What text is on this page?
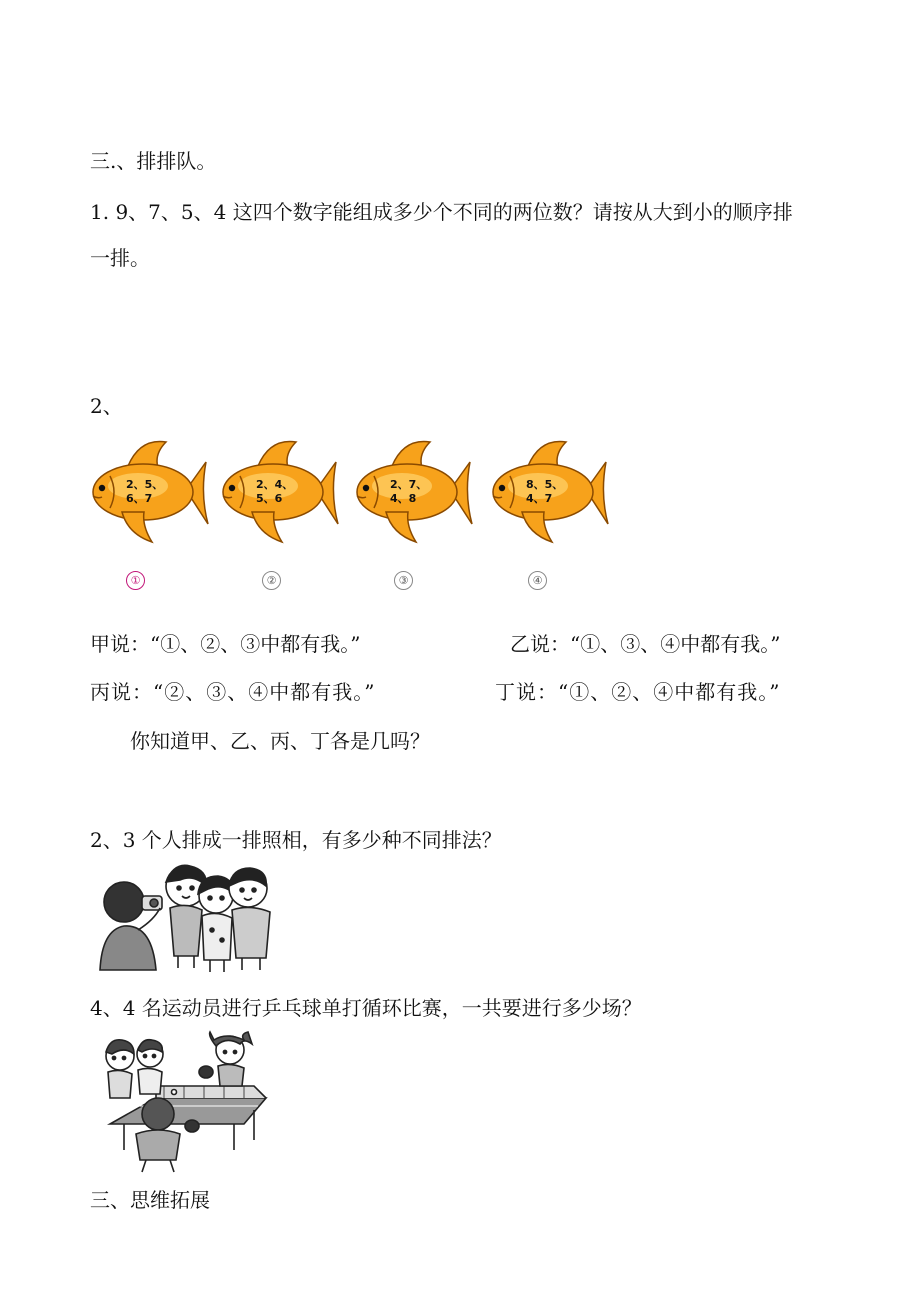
三.、排排队。
1. 9、7、5、4 这四个数字能组成多少个不同的两位数？请按从大到小的顺序排
一排。
2、
2、5、
6、7
2、4、
5、6
2、7、
4、8
8、5、
4、7
①	②	③	④
甲说：“①、②、③中都有我。”	乙说：“①、③、④中都有我。”
丙说：“②、③、④中都有我。”	丁说：“①、②、④中都有我。”
你知道甲、乙、丙、丁各是几吗？
2、3 个人排成一排照相，有多少种不同排法？
4、4 名运动员进行乒乓球单打循环比赛，一共要进行多少场？
三、思维拓展
